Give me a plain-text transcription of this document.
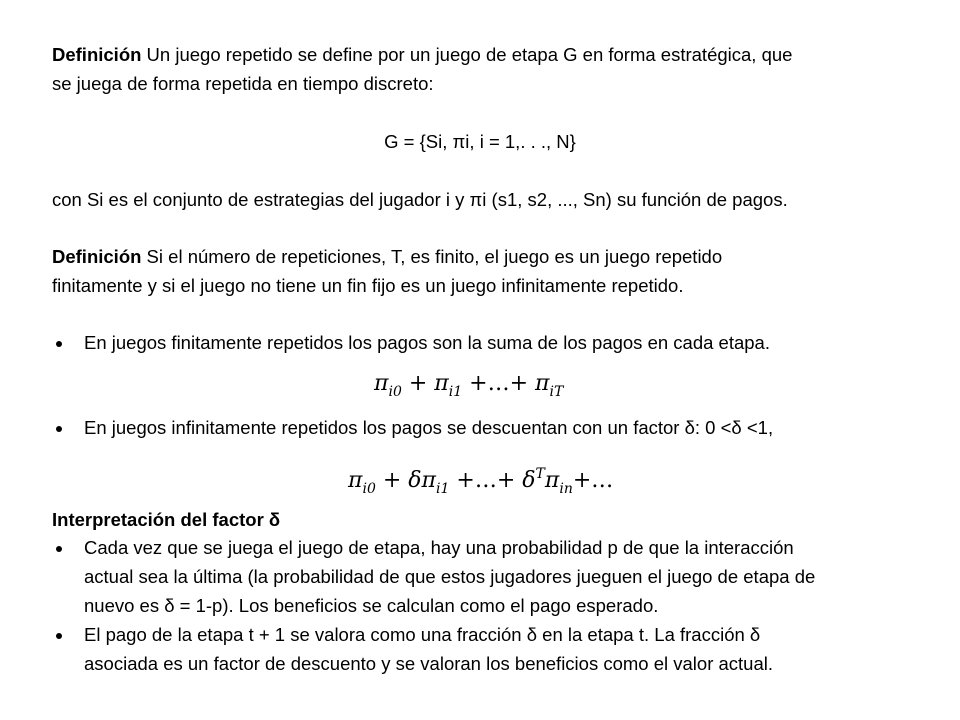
Definición Un juego repetido se define por un juego de etapa G en forma estratégica, que
se juega de forma repetida en tiempo discreto:
G = {Si, πi, i = 1,. . ., N}
con Si es el conjunto de estrategias del jugador i y πi (s1, s2, ..., Sn) su función de pagos.
Definición Si el número de repeticiones, T, es finito, el juego es un juego repetido
finitamente y si el juego no tiene un fin fijo es un juego infinitamente repetido.
En juegos finitamente repetidos los pagos son la suma de los pagos en cada etapa.
$\pi_{i0} + \pi_{i1}$ +…+ $\pi_{iT}$
En juegos infinitamente repetidos los pagos se descuentan con un factor δ: 0 <δ <1,
$\pi_{i0} + \delta\pi_{i1}$ +…+ $\delta^T\pi_{in}+\dots$
Interpretación del factor δ
Cada vez que se juega el juego de etapa, hay una probabilidad p de que la interacción
actual sea la última (la probabilidad de que estos jugadores jueguen el juego de etapa de
nuevo es δ = 1-p). Los beneficios se calculan como el pago esperado.
El pago de la etapa t + 1 se valora como una fracción δ en la etapa t. La fracción δ
asociada es un factor de descuento y se valoran los beneficios como el valor actual.
